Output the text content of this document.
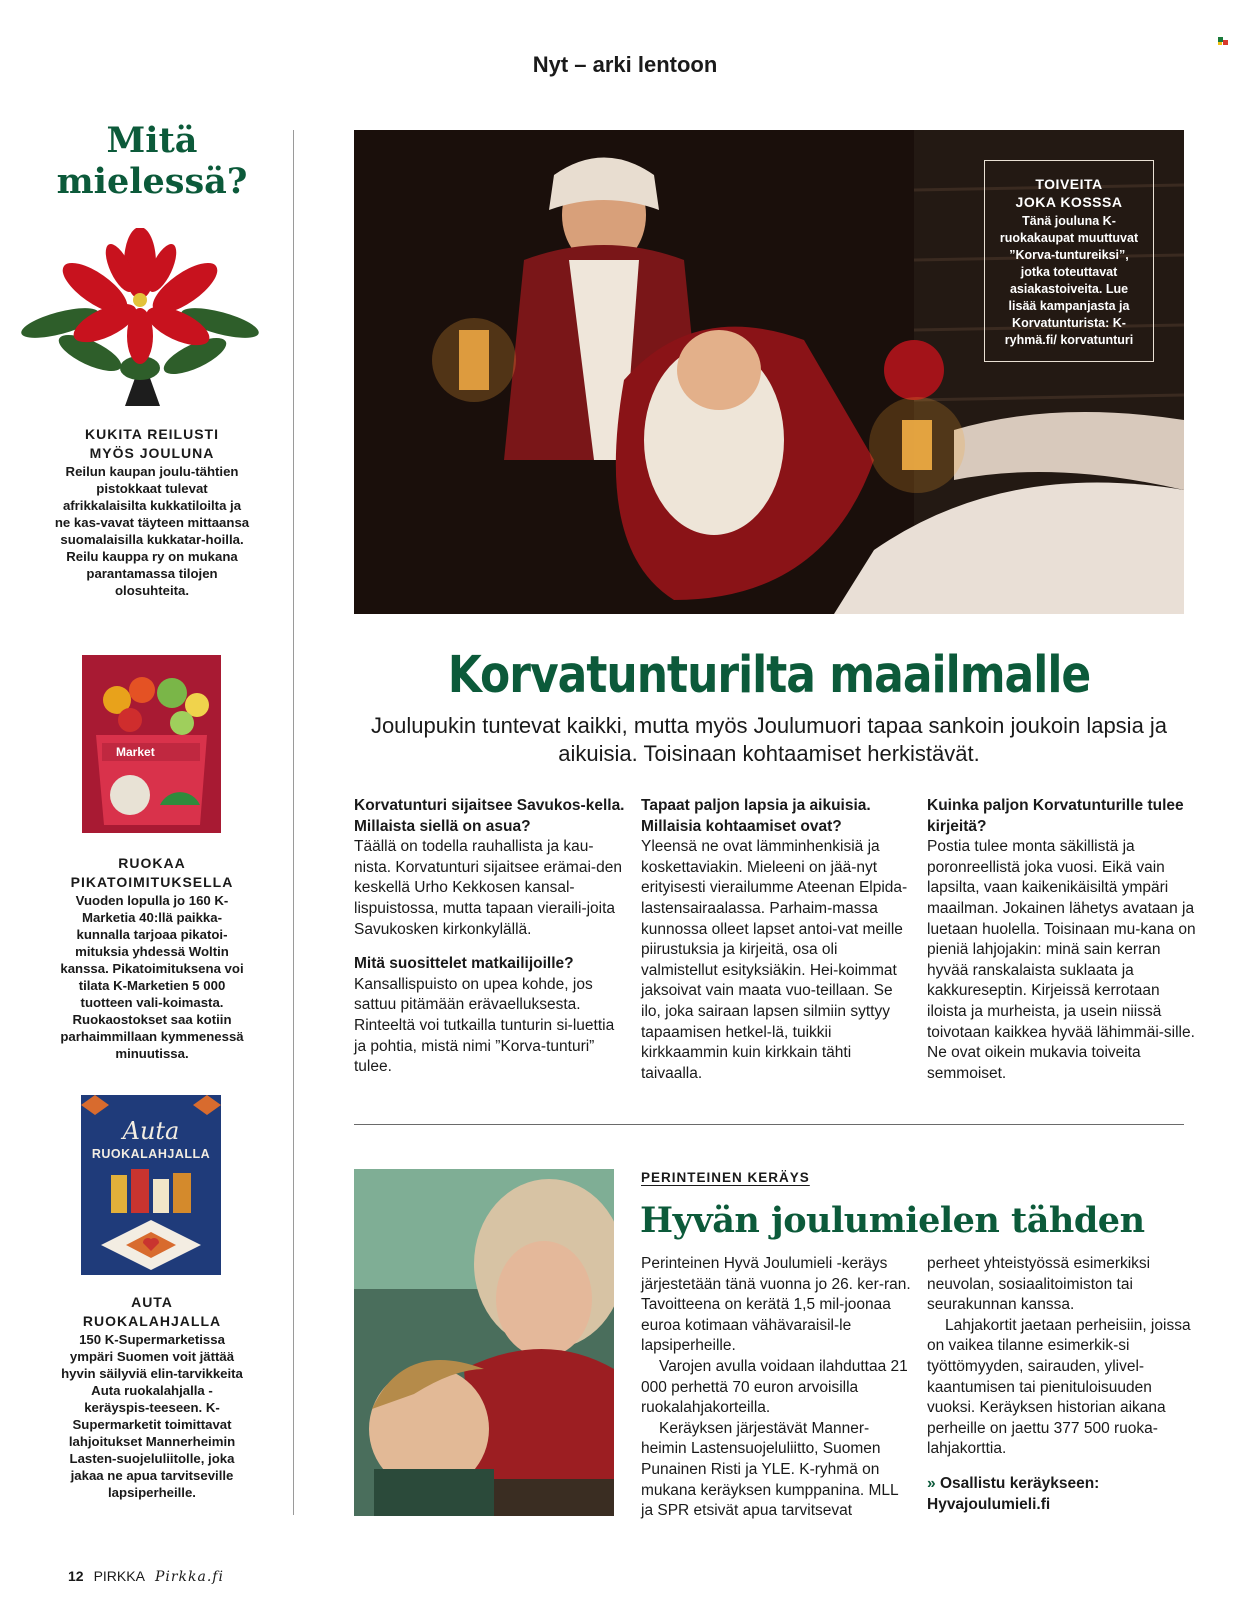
Nyt – arki lentoon
Mitä
mielessä?
KUKITA REILUSTI
MYÖS JOULUNA
Reilun kaupan joulu-tähtien pistokkaat tulevat afrikkalaisilta kukkatiloilta ja ne kas-vavat täyteen mittaansa suomalaisilla kukkatar-hoilla. Reilu kauppa ry on mukana parantamassa tilojen olosuhteita.
Market
RUOKAA
PIKATOIMITUKSELLA
Vuoden lopulla jo 160 K-Marketia 40:llä paikka-kunnalla tarjoaa pikatoi-mituksia yhdessä Woltin kanssa. Pikatoimituksena voi tilata K-Marketien 5 000 tuotteen vali-koimasta. Ruokaostokset saa kotiin parhaimmillaan kymmenessä minuutissa.
Auta
RUOKALAHJALLA
AUTA
RUOKALAHJALLA
150 K-Supermarketissa ympäri Suomen voit jättää hyvin säilyviä elin-tarvikkeita Auta ruokalahjalla -keräyspis-teeseen. K-Supermarketit toimittavat lahjoitukset Mannerheimin Lasten-suojeluliitolle, joka jakaa ne apua tarvitseville lapsiperheille.
TOIVEITA
JOKA KOSSSA
Tänä jouluna K-ruokakaupat muuttuvat ”Korva-tuntureiksi”, jotka toteuttavat asiakastoiveita. Lue lisää kampanjasta ja Korvatunturista: K-ryhmä.fi/ korvatunturi
Korvatunturilta maailmalle
Joulupukin tuntevat kaikki, mutta myös Joulumuori tapaa sankoin joukoin lapsia ja aikuisia. Toisinaan kohtaamiset herkistävät.
Korvatunturi sijaitsee Savukos-kella. Millaista siellä on asua?
Täällä on todella rauhallista ja kau-nista. Korvatunturi sijaitsee erämai-den keskellä Urho Kekkosen kansal-lispuistossa, mutta tapaan vieraili-joita Savukosken kirkonkylällä.
Mitä suosittelet matkailijoille?
Kansallispuisto on upea kohde, jos sattuu pitämään erävaelluksesta. Rinteeltä voi tutkailla tunturin si-luettia ja pohtia, mistä nimi ”Korva-tunturi” tulee.
Tapaat paljon lapsia ja aikuisia. Millaisia kohtaamiset ovat?
Yleensä ne ovat lämminhenkisiä ja koskettaviakin. Mieleeni on jää-nyt erityisesti vierailumme Ateenan Elpida-lastensairaalassa. Parhaim-massa kunnossa olleet lapset antoi-vat meille piirustuksia ja kirjeitä, osa oli valmistellut esityksiäkin. Hei-koimmat jaksoivat vain maata vuo-teillaan. Se ilo, joka sairaan lapsen silmiin syttyy tapaamisen hetkel-lä, tuikkii kirkkaammin kuin kirkkain tähti taivaalla.
Kuinka paljon Korvatunturille tulee kirjeitä?
Postia tulee monta säkillistä ja poronreellistä joka vuosi. Eikä vain lapsilta, vaan kaikenikäisiltä ympäri maailman. Jokainen lähetys avataan ja luetaan huolella. Toisinaan mu-kana on pieniä lahjojakin: minä sain kerran hyvää ranskalaista suklaata ja kakkureseptin. Kirjeissä kerrotaan iloista ja murheista, ja usein niissä toivotaan kaikkea hyvää lähimmäi-sille. Ne ovat oikein mukavia toiveita semmoiset.
PERINTEINEN KERÄYS
Hyvän joulumielen tähden
Perinteinen Hyvä Joulumieli -keräys järjestetään tänä vuonna jo 26. ker-ran. Tavoitteena on kerätä 1,5 mil-joonaa euroa kotimaan vähävaraisil-le lapsiperheille.
Varojen avulla voidaan ilahduttaa 21 000 perhettä 70 euron arvoisilla ruokalahjakorteilla.
Keräyksen järjestävät Manner-heimin Lastensuojeluliitto, Suomen Punainen Risti ja YLE. K-ryhmä on mukana keräyksen kumppanina. MLL ja SPR etsivät apua tarvitsevat
perheet yhteistyössä esimerkiksi neuvolan, sosiaalitoimiston tai seurakunnan kanssa.
Lahjakortit jaetaan perheisiin, joissa on vaikea tilanne esimerkik-si työttömyyden, sairauden, ylivel-kaantumisen tai pienituloisuuden vuoksi. Keräyksen historian aikana perheille on jaettu 377 500 ruoka-lahjakorttia.
» Osallistu keräykseen:
Hyvajoulumieli.fi
12 PIRKKA Pirkka.fi
